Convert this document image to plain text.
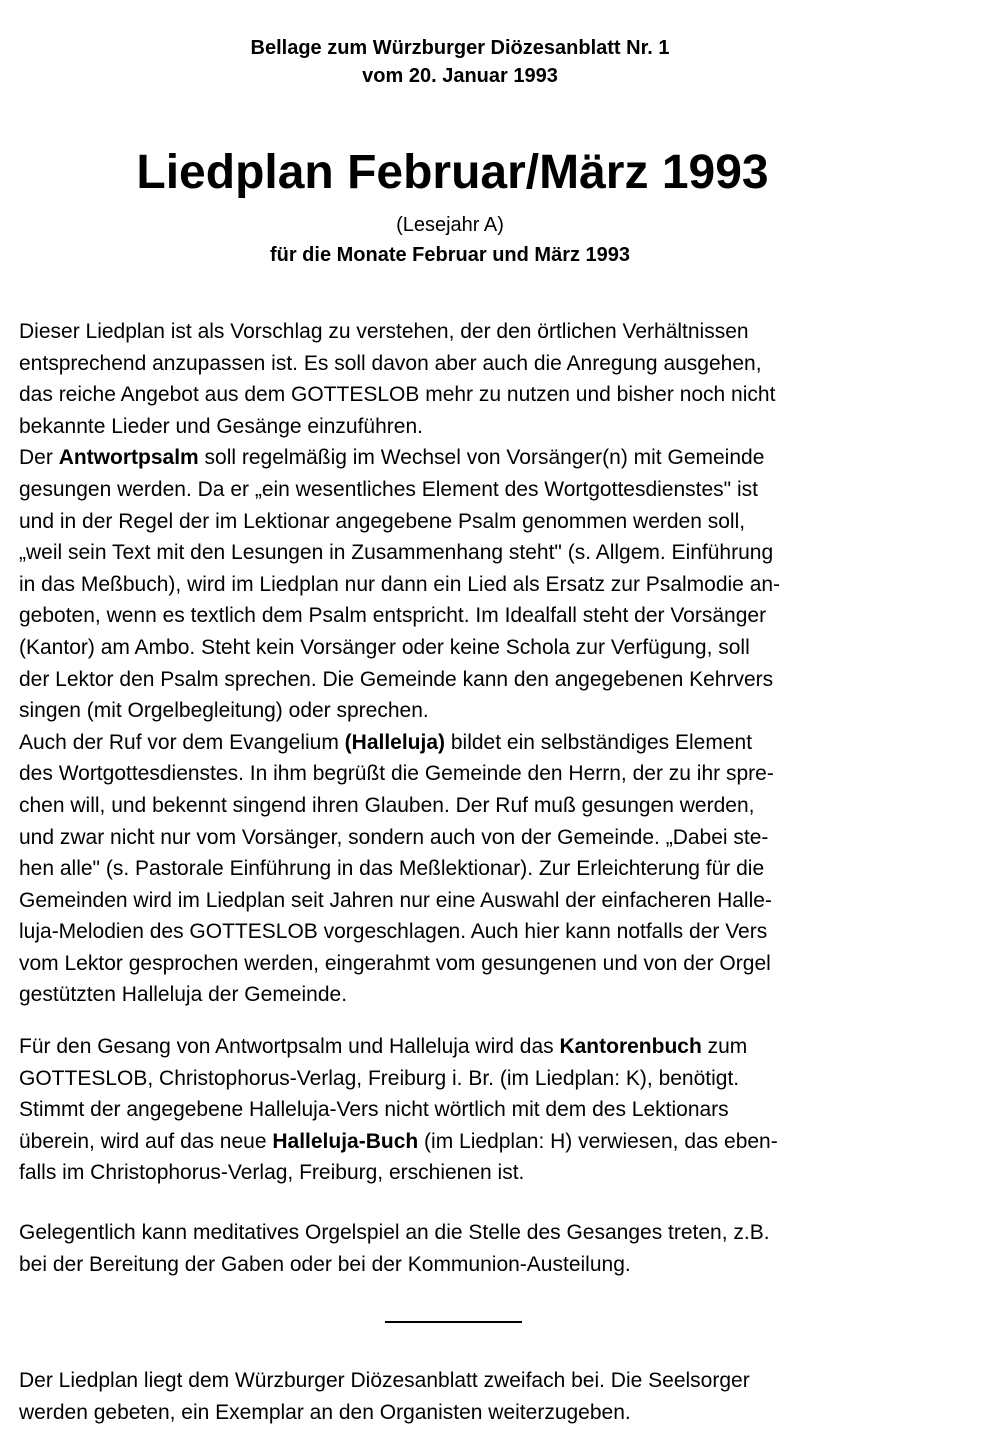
Bellage zum Würzburger Diözesanblatt Nr. 1
vom 20. Januar 1993
Liedplan Februar/März 1993
(Lesejahr A)
für die Monate Februar und März 1993
Dieser Liedplan ist als Vorschlag zu verstehen, der den örtlichen Verhältnissen
entsprechend anzupassen ist. Es soll davon aber auch die Anregung ausgehen,
das reiche Angebot aus dem GOTTESLOB mehr zu nutzen und bisher noch nicht
bekannte Lieder und Gesänge einzuführen.
Der Antwortpsalm soll regelmäßig im Wechsel von Vorsänger(n) mit Gemeinde
gesungen werden. Da er „ein wesentliches Element des Wortgottesdienstes" ist
und in der Regel der im Lektionar angegebene Psalm genommen werden soll,
„weil sein Text mit den Lesungen in Zusammenhang steht" (s. Allgem. Einführung
in das Meßbuch), wird im Liedplan nur dann ein Lied als Ersatz zur Psalmodie an-
geboten, wenn es textlich dem Psalm entspricht. Im Idealfall steht der Vorsänger
(Kantor) am Ambo. Steht kein Vorsänger oder keine Schola zur Verfügung, soll
der Lektor den Psalm sprechen. Die Gemeinde kann den angegebenen Kehrvers
singen (mit Orgelbegleitung) oder sprechen.
Auch der Ruf vor dem Evangelium (Halleluja) bildet ein selbständiges Element
des Wortgottesdienstes. In ihm begrüßt die Gemeinde den Herrn, der zu ihr spre-
chen will, und bekennt singend ihren Glauben. Der Ruf muß gesungen werden,
und zwar nicht nur vom Vorsänger, sondern auch von der Gemeinde. „Dabei ste-
hen alle" (s. Pastorale Einführung in das Meßlektionar). Zur Erleichterung für die
Gemeinden wird im Liedplan seit Jahren nur eine Auswahl der einfacheren Halle-
luja-Melodien des GOTTESLOB vorgeschlagen. Auch hier kann notfalls der Vers
vom Lektor gesprochen werden, eingerahmt vom gesungenen und von der Orgel
gestützten Halleluja der Gemeinde.
Für den Gesang von Antwortpsalm und Halleluja wird das Kantorenbuch zum
GOTTESLOB, Christophorus-Verlag, Freiburg i. Br. (im Liedplan: K), benötigt.
Stimmt der angegebene Halleluja-Vers nicht wörtlich mit dem des Lektionars
überein, wird auf das neue Halleluja-Buch (im Liedplan: H) verwiesen, das eben-
falls im Christophorus-Verlag, Freiburg, erschienen ist.
Gelegentlich kann meditatives Orgelspiel an die Stelle des Gesanges treten, z.B.
bei der Bereitung der Gaben oder bei der Kommunion-Austeilung.
Der Liedplan liegt dem Würzburger Diözesanblatt zweifach bei. Die Seelsorger
werden gebeten, ein Exemplar an den Organisten weiterzugeben.
